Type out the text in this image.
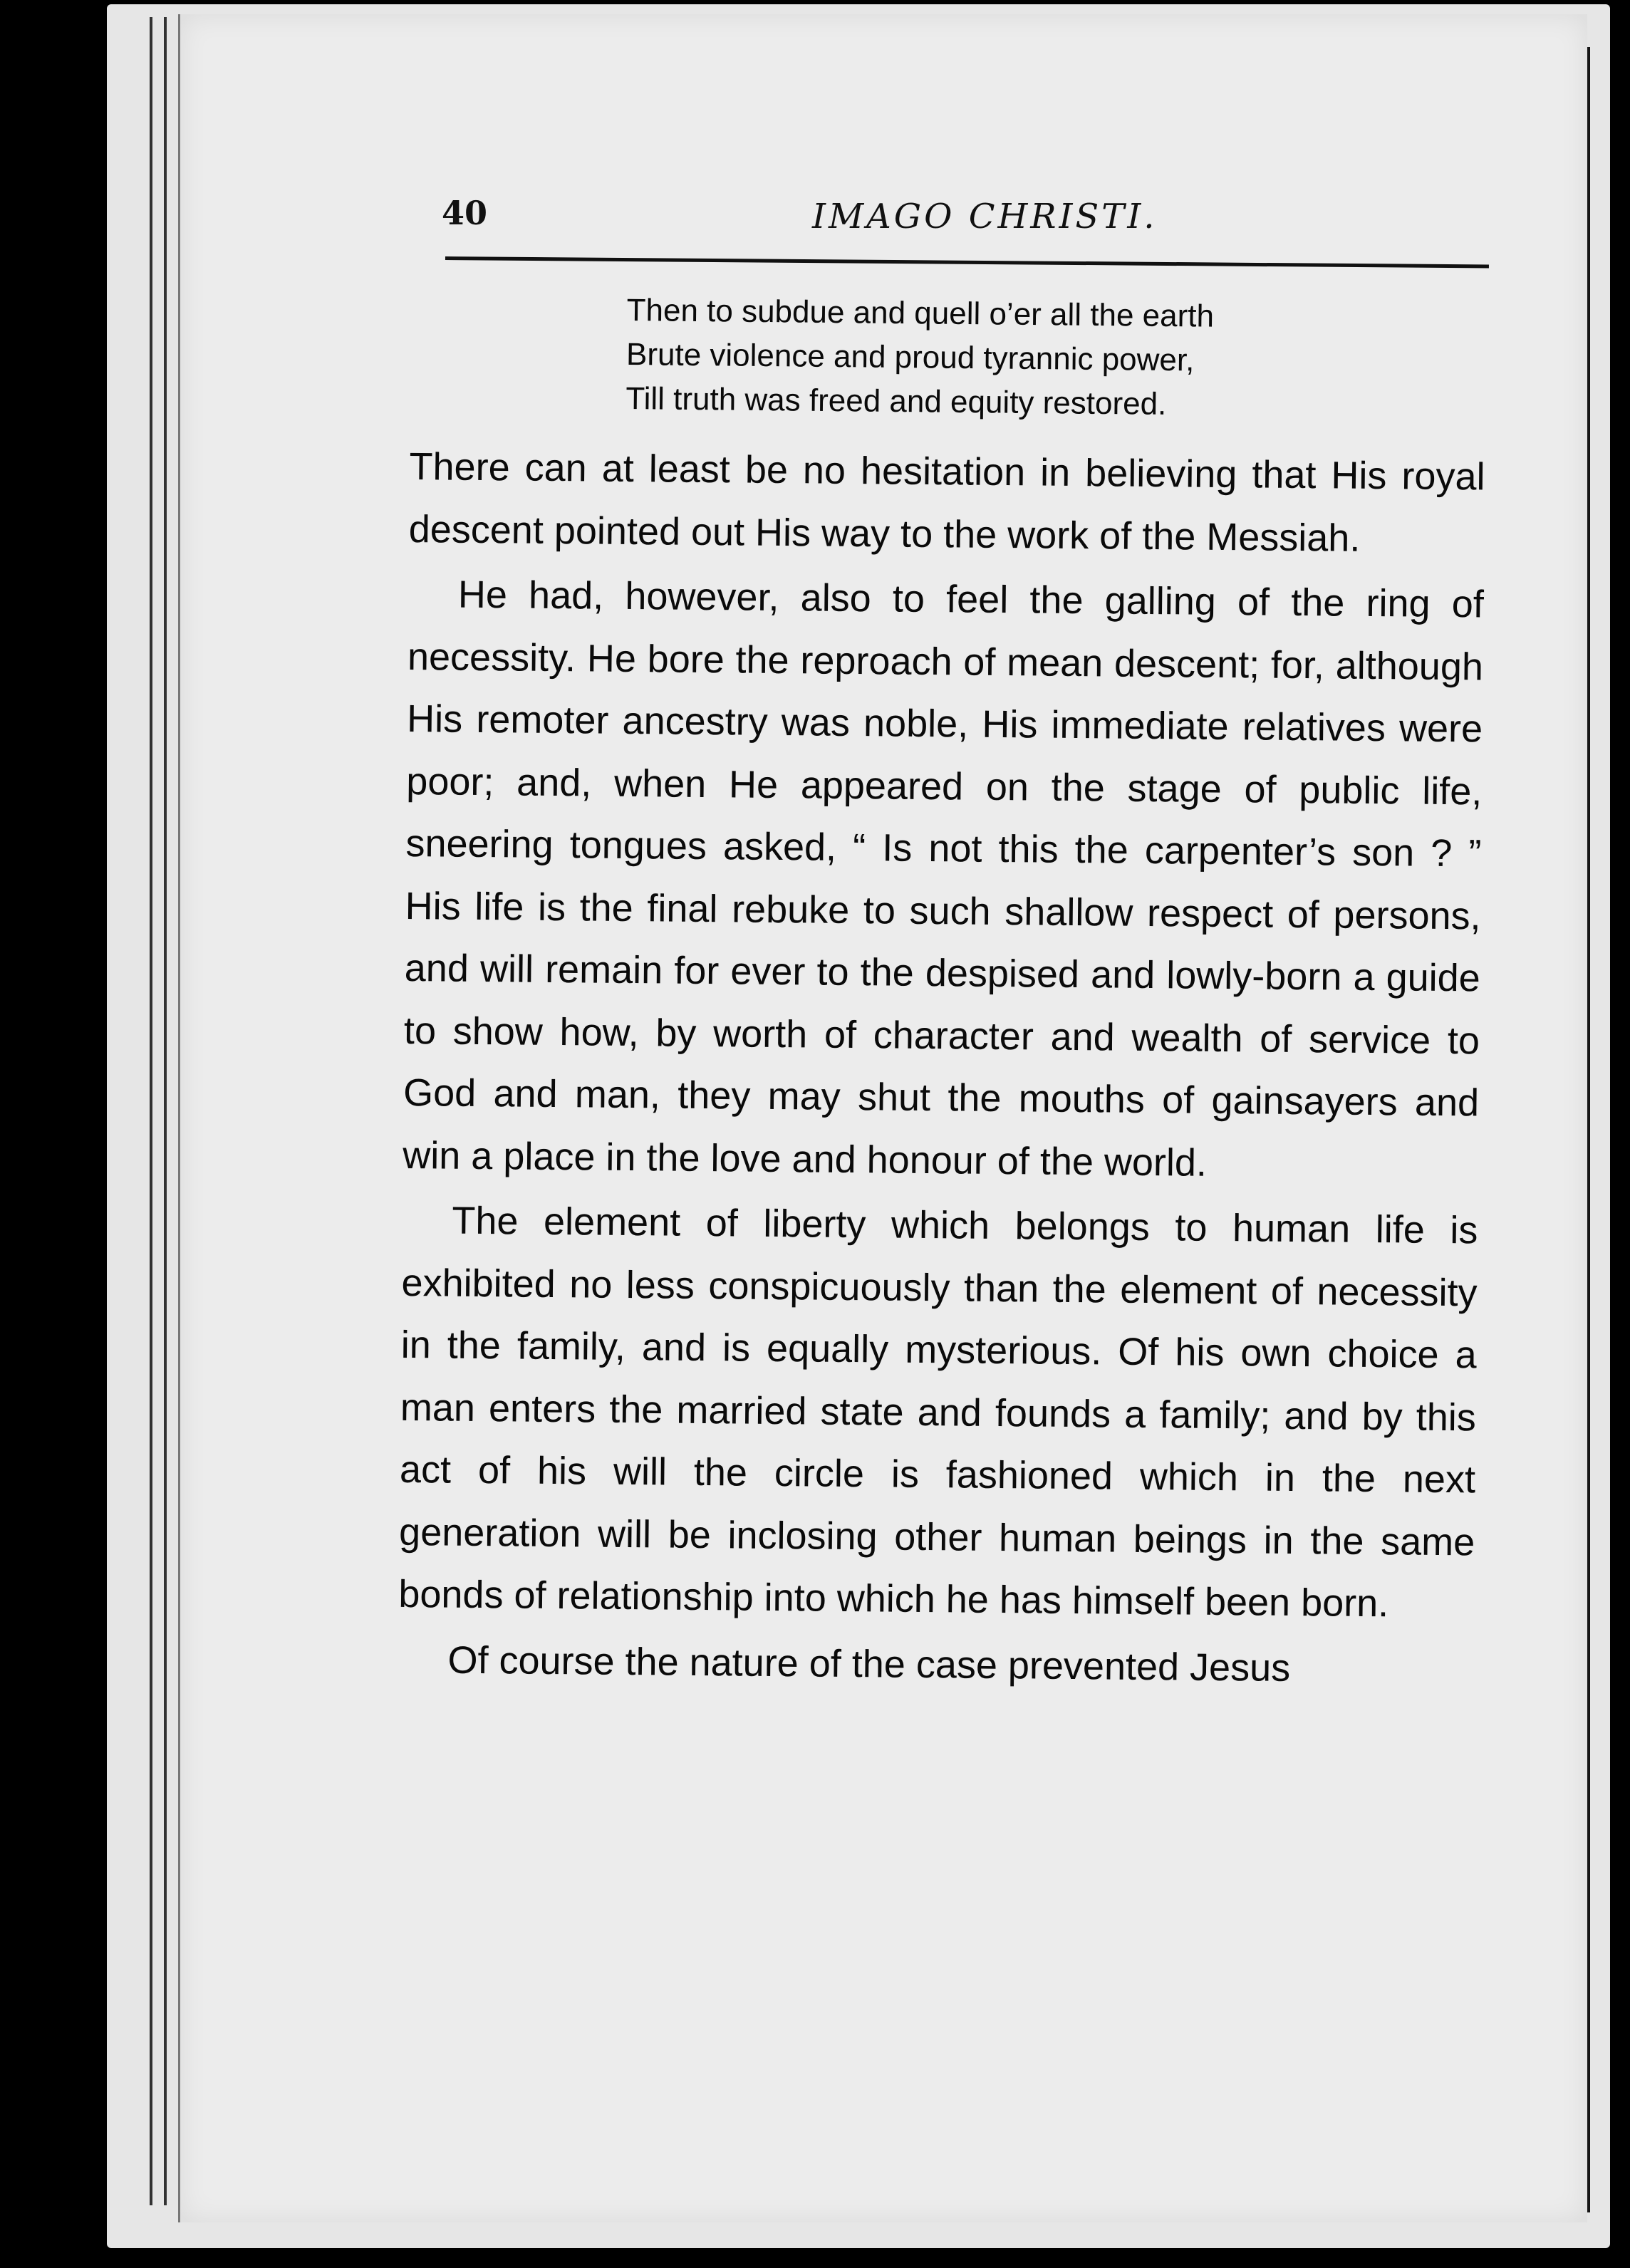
40	IMAGO CHRISTI.
Then to subdue and quell o’er all the earth
Brute violence and proud tyrannic power,
Till truth was freed and equity restored.

There can at least be no hesitation in believing that His royal descent pointed out His way to the work of the Messiah.

He had, however, also to feel the galling of the ring of necessity. He bore the reproach of mean descent; for, although His remoter ancestry was noble, His immediate relatives were poor; and, when He appeared on the stage of public life, sneering tongues asked, “ Is not this the carpenter’s son ? ” His life is the final rebuke to such shallow respect of persons, and will remain for ever to the despised and lowly-born a guide to show how, by worth of character and wealth of service to God and man, they may shut the mouths of gainsayers and win a place in the love and honour of the world.

The element of liberty which belongs to human life is exhibited no less conspicuously than the element of necessity in the family, and is equally mysterious. Of his own choice a man enters the married state and founds a family; and by this act of his will the circle is fashioned which in the next generation will be inclosing other human beings in the same bonds of relationship into which he has himself been born.

Of course the nature of the case prevented Jesus
